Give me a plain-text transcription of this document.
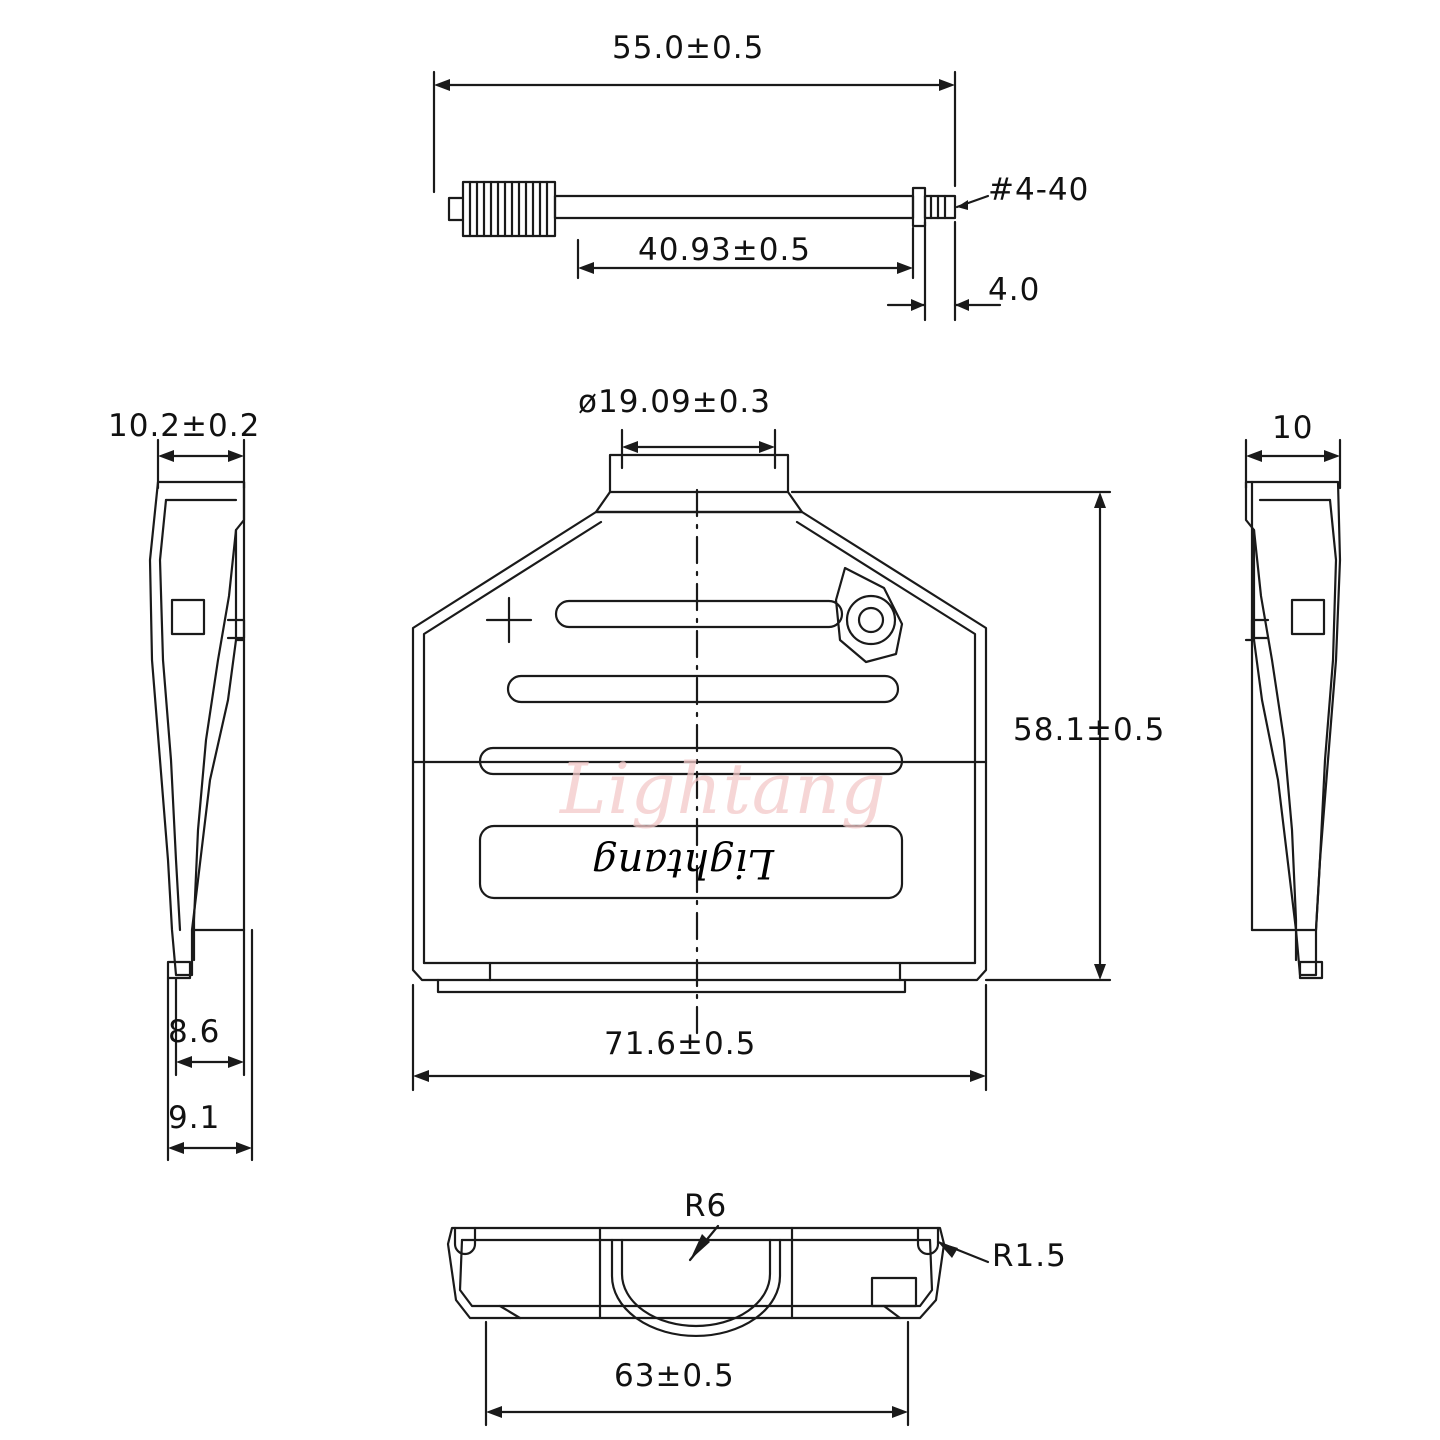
55.0±0.5
40.93±0.5
#4-40
4.0
ø19.09±0.3
58.1±0.5
71.6±0.5
10.2±0.2
8.6
9.1
10
R6
R1.5
63±0.5
Lightang
Lightang
